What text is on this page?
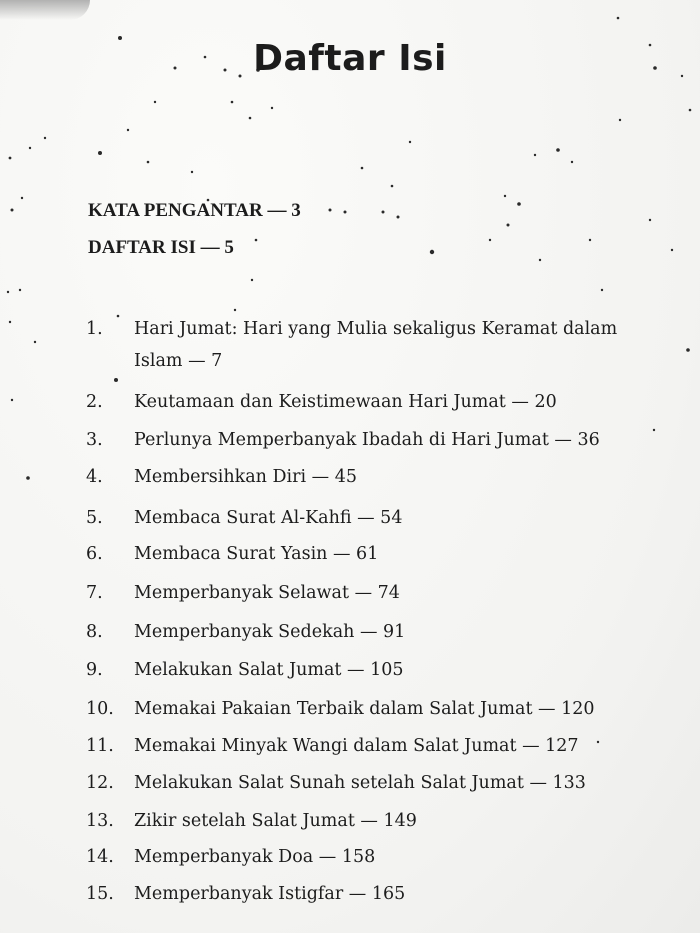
Daftar Isi
KATA PENGANTAR — 3
DAFTAR ISI — 5
1. Hari Jumat: Hari yang Mulia sekaligus Keramat dalam
Islam — 7
2. Keutamaan dan Keistimewaan Hari Jumat — 20
3. Perlunya Memperbanyak Ibadah di Hari Jumat — 36
4. Membersihkan Diri — 45
5. Membaca Surat Al-Kahfi — 54
6. Membaca Surat Yasin — 61
7. Memperbanyak Selawat — 74
8. Memperbanyak Sedekah — 91
9. Melakukan Salat Jumat — 105
10. Memakai Pakaian Terbaik dalam Salat Jumat — 120
11. Memakai Minyak Wangi dalam Salat Jumat — 127
12. Melakukan Salat Sunah setelah Salat Jumat — 133
13. Zikir setelah Salat Jumat — 149
14. Memperbanyak Doa — 158
15. Memperbanyak Istigfar — 165
